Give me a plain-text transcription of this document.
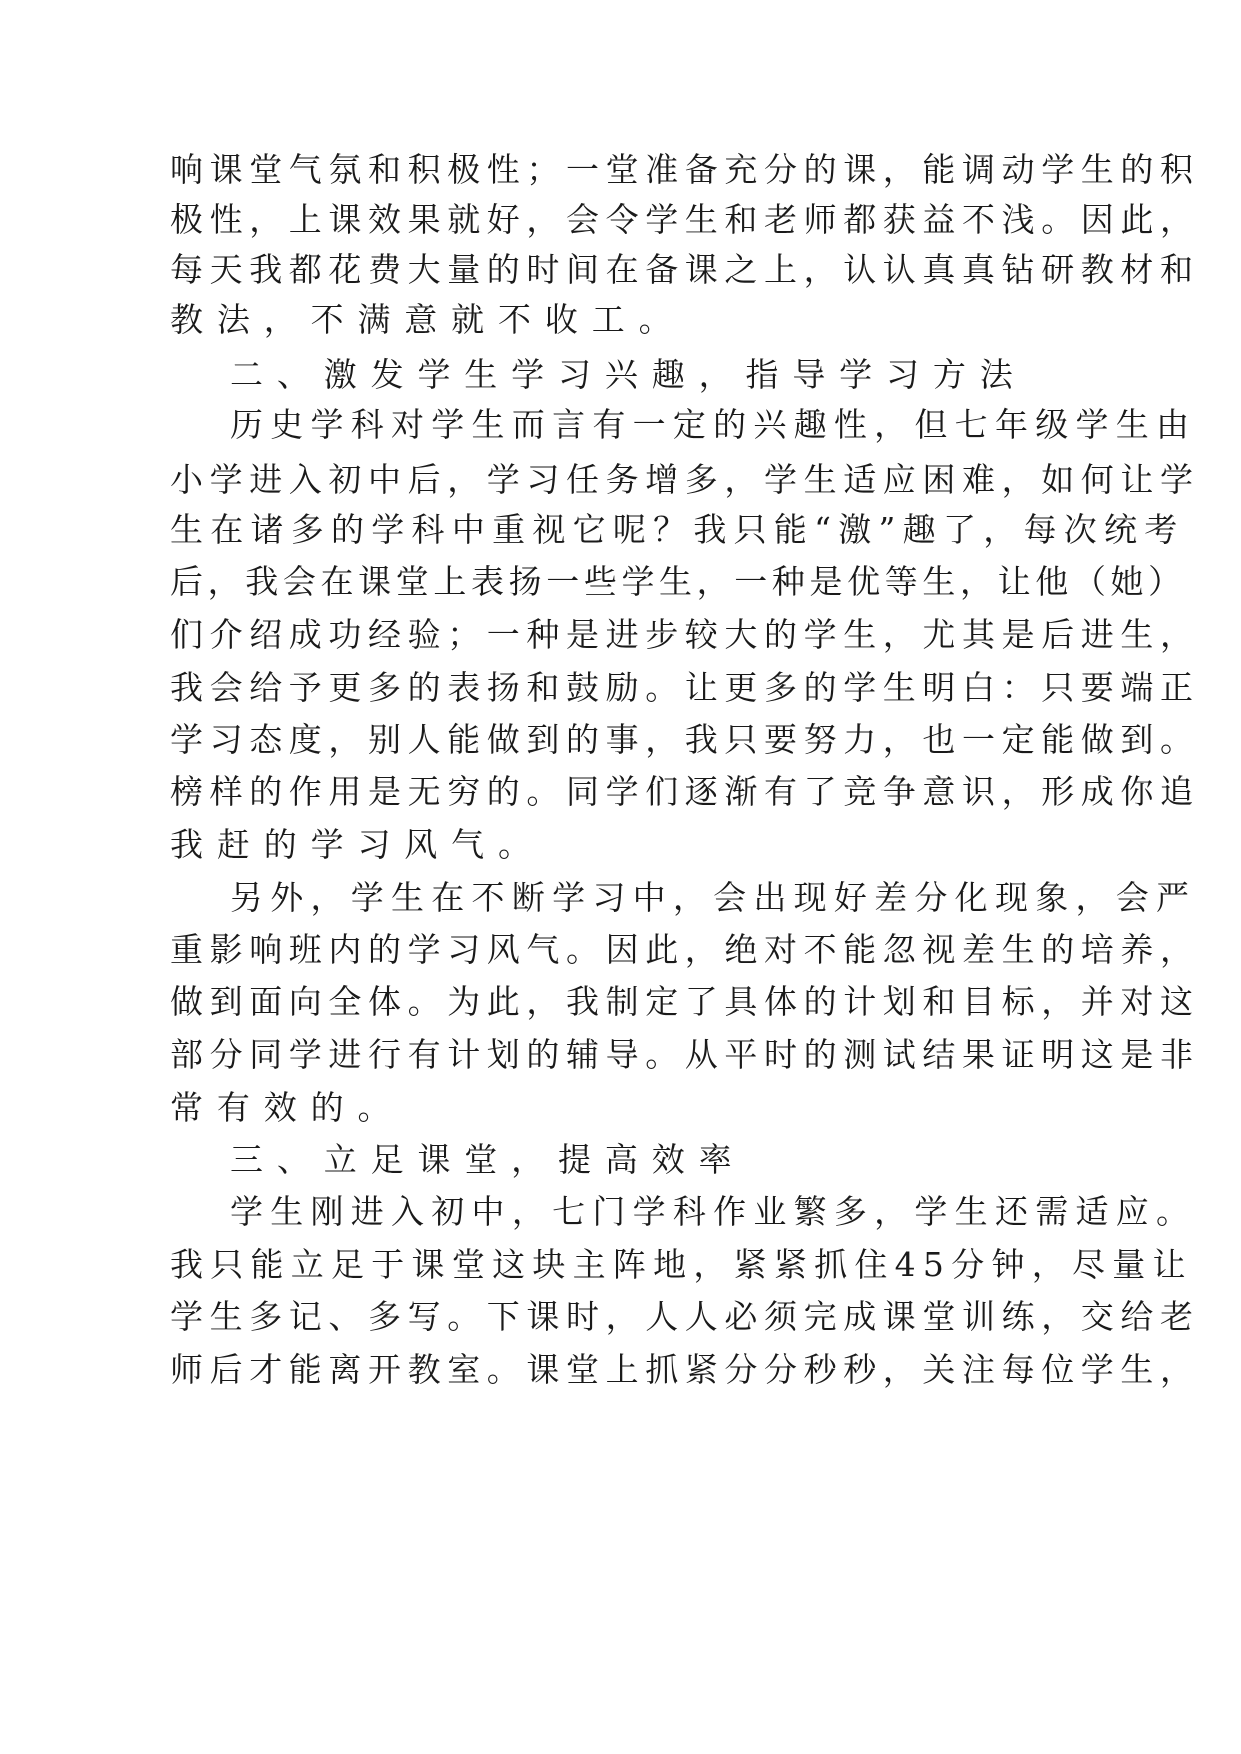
响课堂气氛和积极性；一堂准备充分的课，能调动学生的积
极性，上课效果就好，会令学生和老师都获益不浅。因此，
每天我都花费大量的时间在备课之上，认认真真钻研教材和
教法，不满意就不收工。
二、激发学生学习兴趣，指导学习方法
历史学科对学生而言有一定的兴趣性，但七年级学生由
小学进入初中后，学习任务增多，学生适应困难，如何让学
生在诸多的学科中重视它呢？我只能“激”趣了，每次统考
后，我会在课堂上表扬一些学生，一种是优等生，让他（她）
们介绍成功经验；一种是进步较大的学生，尤其是后进生，
我会给予更多的表扬和鼓励。让更多的学生明白：只要端正
学习态度，别人能做到的事，我只要努力，也一定能做到。
榜样的作用是无穷的。同学们逐渐有了竞争意识，形成你追
我赶的学习风气。
另外，学生在不断学习中，会出现好差分化现象，会严
重影响班内的学习风气。因此，绝对不能忽视差生的培养，
做到面向全体。为此，我制定了具体的计划和目标，并对这
部分同学进行有计划的辅导。从平时的测试结果证明这是非
常有效的。
三、立足课堂，提高效率
学生刚进入初中，七门学科作业繁多，学生还需适应。
我只能立足于课堂这块主阵地，紧紧抓住45分钟，尽量让
学生多记、多写。下课时，人人必须完成课堂训练，交给老
师后才能离开教室。课堂上抓紧分分秒秒，关注每位学生，
